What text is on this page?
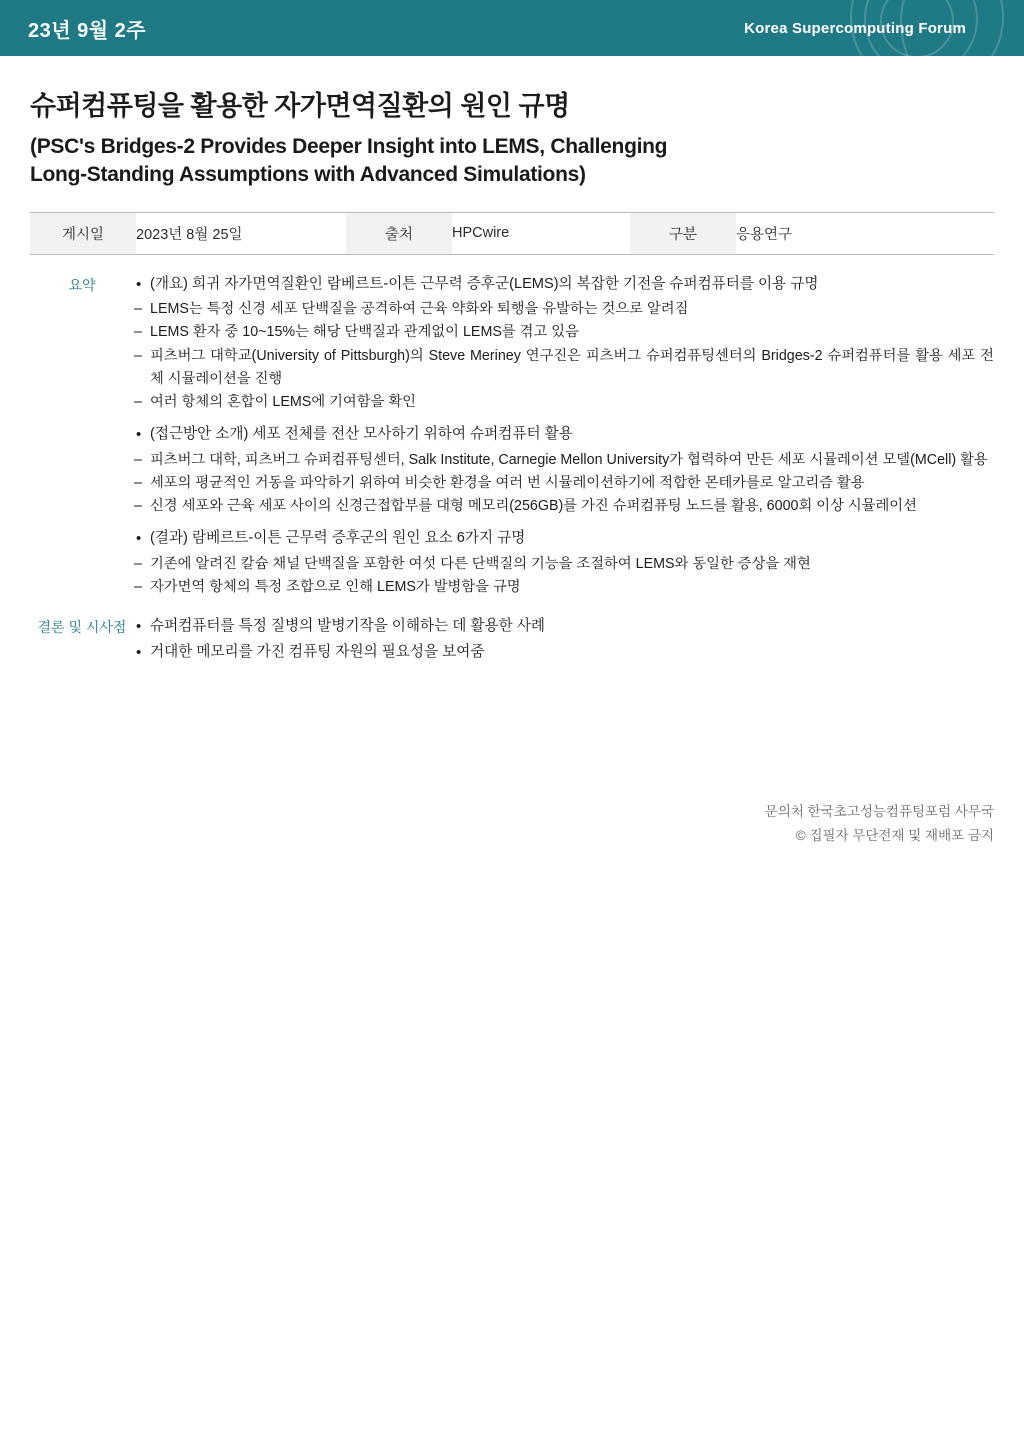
23년 9월 2주	Korea Supercomputing Forum
슈퍼컴퓨팅을 활용한 자가면역질환의 원인 규명
(PSC's Bridges-2 Provides Deeper Insight into LEMS, Challenging
Long-Standing Assumptions with Advanced Simulations)
게시일	2023년 8월 25일	출처	HPCwire	구분	응용연구
요약	• (개요) 희귀 자가면역질환인 람베르트-이튼 근무력 증후군(LEMS)의 복잡한 기전을 슈퍼컴퓨터를 이용 규명
– LEMS는 특정 신경 세포 단백질을 공격하여 근육 약화와 퇴행을 유발하는 것으로 알려짐
– LEMS 환자 중 10~15%는 해당 단백질과 관계없이 LEMS를 겪고 있음
– 피츠버그 대학교(University of Pittsburgh)의 Steve Meriney 연구진은 피츠버그 슈퍼컴퓨팅센터의 Bridges-2 슈퍼컴퓨터를 활용 세포 전체 시뮬레이션을 진행
– 여러 항체의 혼합이 LEMS에 기여함을 확인
• (접근방안 소개) 세포 전체를 전산 모사하기 위하여 슈퍼컴퓨터 활용
– 피츠버그 대학, 피츠버그 슈퍼컴퓨팅센터, Salk Institute, Carnegie Mellon University가 협력하여 만든 세포 시뮬레이션 모델(MCell) 활용
– 세포의 평균적인 거동을 파악하기 위하여 비슷한 환경을 여러 번 시뮬레이션하기에 적합한 몬테카를로 알고리즘 활용
– 신경 세포와 근육 세포 사이의 신경근접합부를 대형 메모리(256GB)를 가진 슈퍼컴퓨팅 노드를 활용, 6000회 이상 시뮬레이션
• (결과) 람베르트-이튼 근무력 증후군의 원인 요소 6가지 규명
– 기존에 알려진 칼슘 채널 단백질을 포함한 여섯 다른 단백질의 기능을 조절하여 LEMS와 동일한 증상을 재현
– 자가면역 항체의 특정 조합으로 인해 LEMS가 발병함을 규명
결론 및 시사점	• 슈퍼컴퓨터를 특정 질병의 발병기작을 이해하는 데 활용한 사례
• 거대한 메모리를 가진 컴퓨팅 자원의 필요성을 보여줌
문의처 한국초고성능컴퓨팅포럼 사무국
© 집필자 무단전재 및 재배포 금지
